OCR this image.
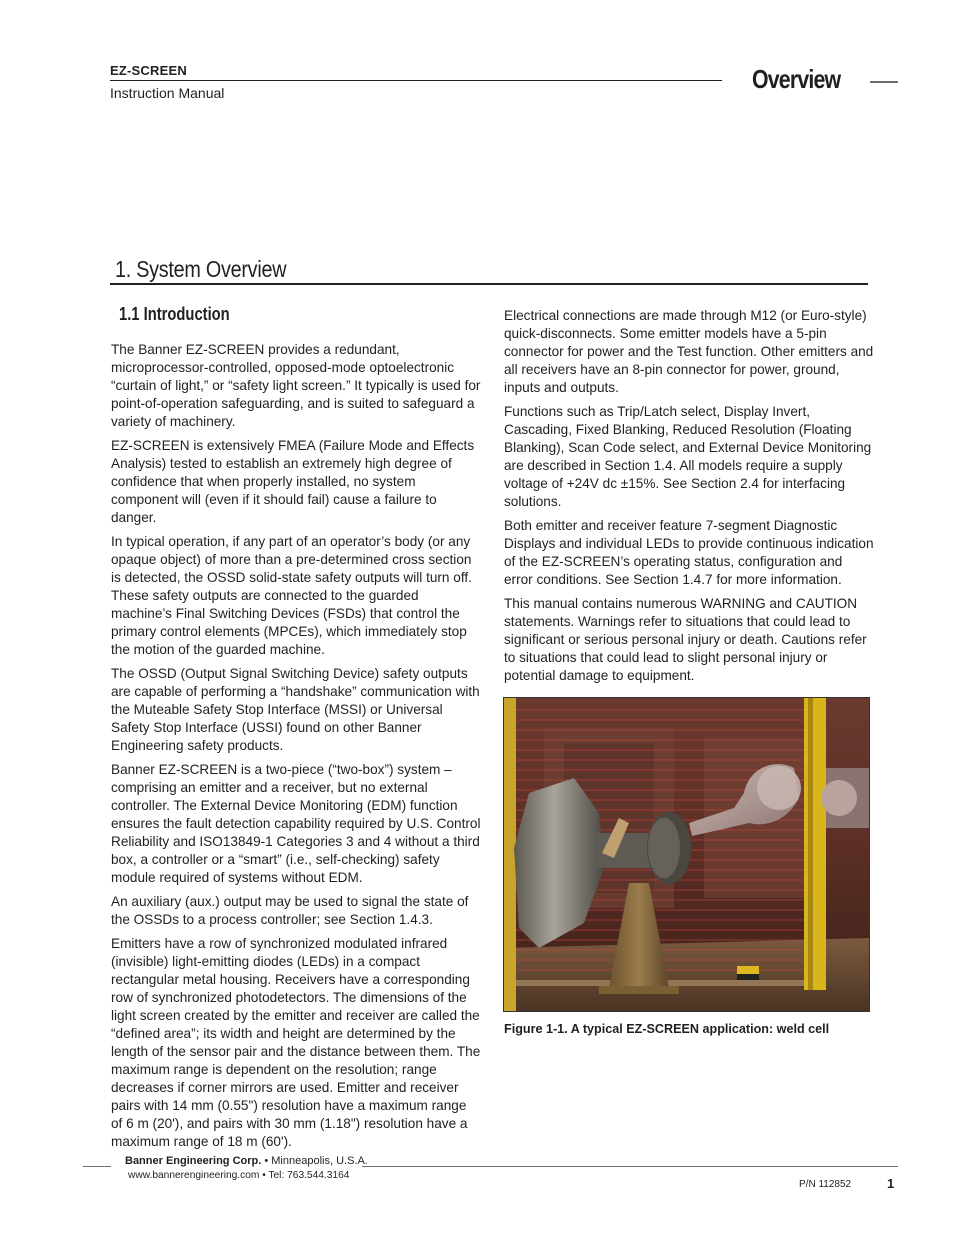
EZ-SCREEN
Instruction Manual	Overview
1. System Overview
1.1 Introduction

The Banner EZ-SCREEN provides a redundant, microprocessor-controlled, opposed-mode optoelectronic “curtain of light,” or “safety light screen.” It typically is used for point-of-operation safeguarding, and is suited to safeguard a variety of machinery.

EZ-SCREEN is extensively FMEA (Failure Mode and Effects Analysis) tested to establish an extremely high degree of confidence that when properly installed, no system component will (even if it should fail) cause a failure to danger.

In typical operation, if any part of an operator’s body (or any opaque object) of more than a pre-determined cross section is detected, the OSSD solid-state safety outputs will turn off. These safety outputs are connected to the guarded machine’s Final Switching Devices (FSDs) that control the primary control elements (MPCEs), which immediately stop the motion of the guarded machine.

The OSSD (Output Signal Switching Device) safety outputs are capable of performing a “handshake” communication with the Muteable Safety Stop Interface (MSSI) or Universal Safety Stop Interface (USSI) found on other Banner Engineering safety products.

Banner EZ-SCREEN is a two-piece (“two-box”) system – comprising an emitter and a receiver, but no external controller. The External Device Monitoring (EDM) function ensures the fault detection capability required by U.S. Control Reliability and ISO13849-1 Categories 3 and 4 without a third box, a controller or a “smart” (i.e., self-checking) safety module required of systems without EDM.

An auxiliary (aux.) output may be used to signal the state of the OSSDs to a process controller; see Section 1.4.3.

Emitters have a row of synchronized modulated infrared (invisible) light-emitting diodes (LEDs) in a compact rectangular metal housing. Receivers have a corresponding row of synchronized photodetectors. The dimensions of the light screen created by the emitter and receiver are called the “defined area”; its width and height are determined by the length of the sensor pair and the distance between them. The maximum range is dependent on the resolution; range decreases if corner mirrors are used. Emitter and receiver pairs with 14 mm (0.55") resolution have a maximum range of 6 m (20'), and pairs with 30 mm (1.18") resolution have a maximum range of 18 m (60').

Electrical connections are made through M12 (or Euro-style) quick-disconnects. Some emitter models have a 5-pin connector for power and the Test function. Other emitters and all receivers have an 8-pin connector for power, ground, inputs and outputs.

Functions such as Trip/Latch select, Display Invert, Cascading, Fixed Blanking, Reduced Resolution (Floating Blanking), Scan Code select, and External Device Monitoring are described in Section 1.4. All models require a supply voltage of +24V dc ±15%. See Section 2.4 for interfacing solutions.

Both emitter and receiver feature 7-segment Diagnostic Displays and individual LEDs to provide continuous indication of the EZ-SCREEN’s operating status, configuration and error conditions. See Section 1.4.7 for more information.

This manual contains numerous WARNING and CAUTION statements. Warnings refer to situations that could lead to significant or serious personal injury or death. Cautions refer to situations that could lead to slight personal injury or potential damage to equipment.

Figure 1-1. A typical EZ-SCREEN application: weld cell
Banner Engineering Corp. • Minneapolis, U.S.A.
www.bannerengineering.com • Tel: 763.544.3164
P/N 112852	1
